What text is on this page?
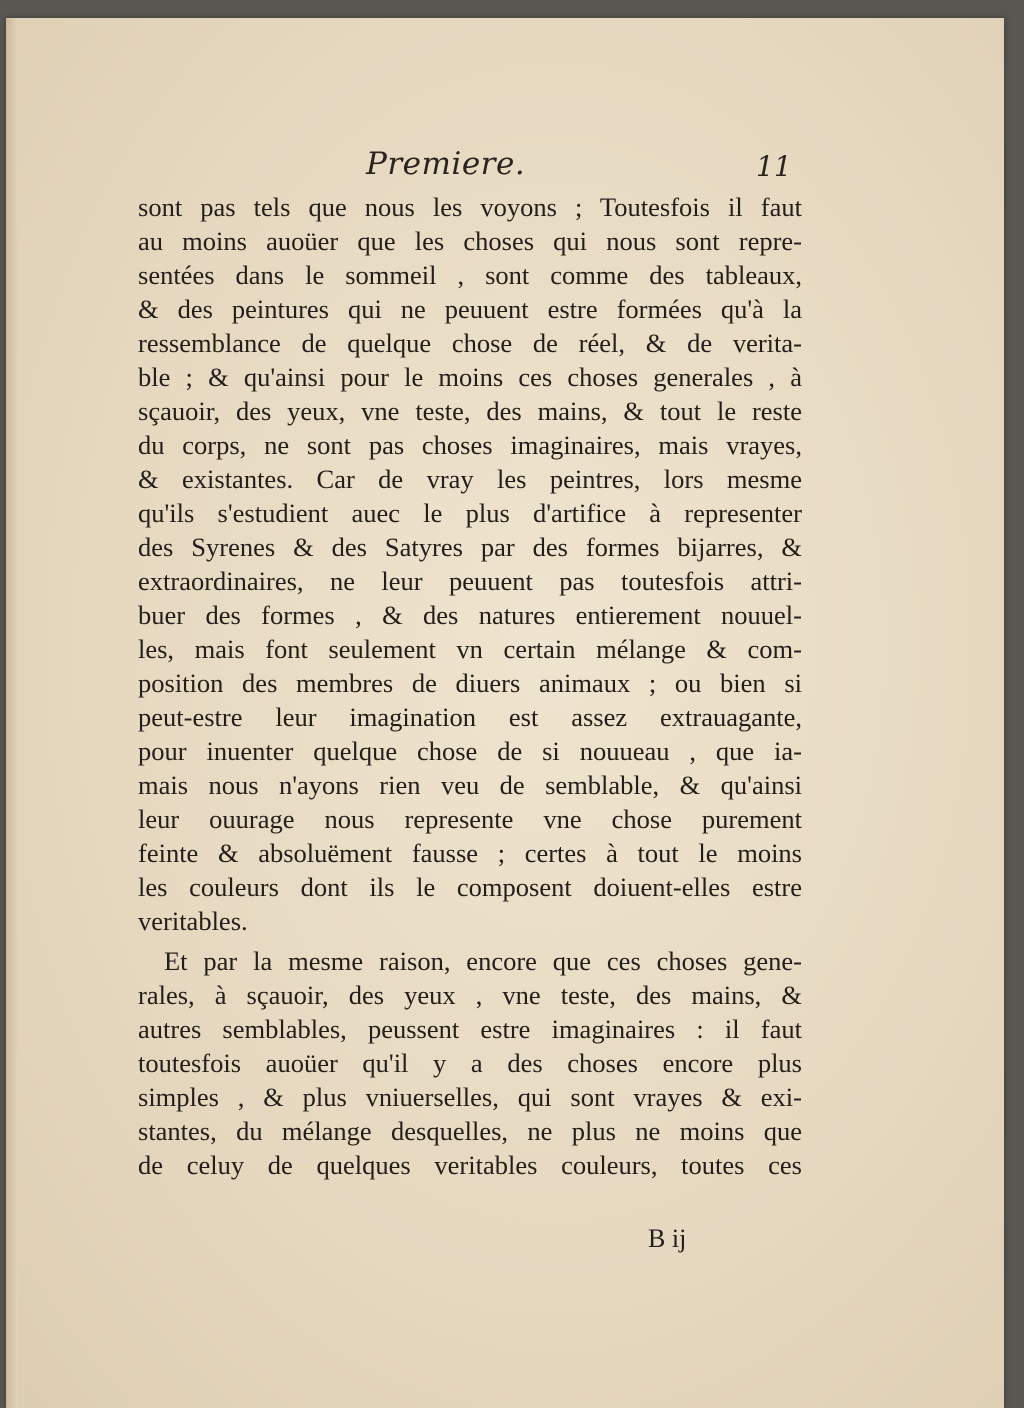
Premiere.	11
sont pas tels que nous les voyons ; Toutesfois il faut
au moins auoüer que les choses qui nous sont repre-
sentées dans le sommeil , sont comme des tableaux,
& des peintures qui ne peuuent estre formées qu'à la
ressemblance de quelque chose de réel, & de verita-
ble ; & qu'ainsi pour le moins ces choses generales , à
sçauoir, des yeux, vne teste, des mains, & tout le reste
du corps, ne sont pas choses imaginaires, mais vrayes,
& existantes. Car de vray les peintres, lors mesme
qu'ils s'estudient auec le plus d'artifice à representer
des Syrenes & des Satyres par des formes bijarres, &
extraordinaires, ne leur peuuent pas toutesfois attri-
buer des formes , & des natures entierement nouuel-
les, mais font seulement vn certain mélange & com-
position des membres de diuers animaux ; ou bien si
peut-estre leur imagination est assez extrauagante,
pour inuenter quelque chose de si nouueau , que ia-
mais nous n'ayons rien veu de semblable, & qu'ainsi
leur ouurage nous represente vne chose purement
feinte & absoluëment fausse ; certes à tout le moins
les couleurs dont ils le composent doiuent-elles estre
veritables.
Et par la mesme raison, encore que ces choses gene-
rales, à sçauoir, des yeux , vne teste, des mains, &
autres semblables, peussent estre imaginaires : il faut
toutesfois auoüer qu'il y a des choses encore plus
simples , & plus vniuerselles, qui sont vrayes & exi-
stantes, du mélange desquelles, ne plus ne moins que
de celuy de quelques veritables couleurs, toutes ces
B ij
